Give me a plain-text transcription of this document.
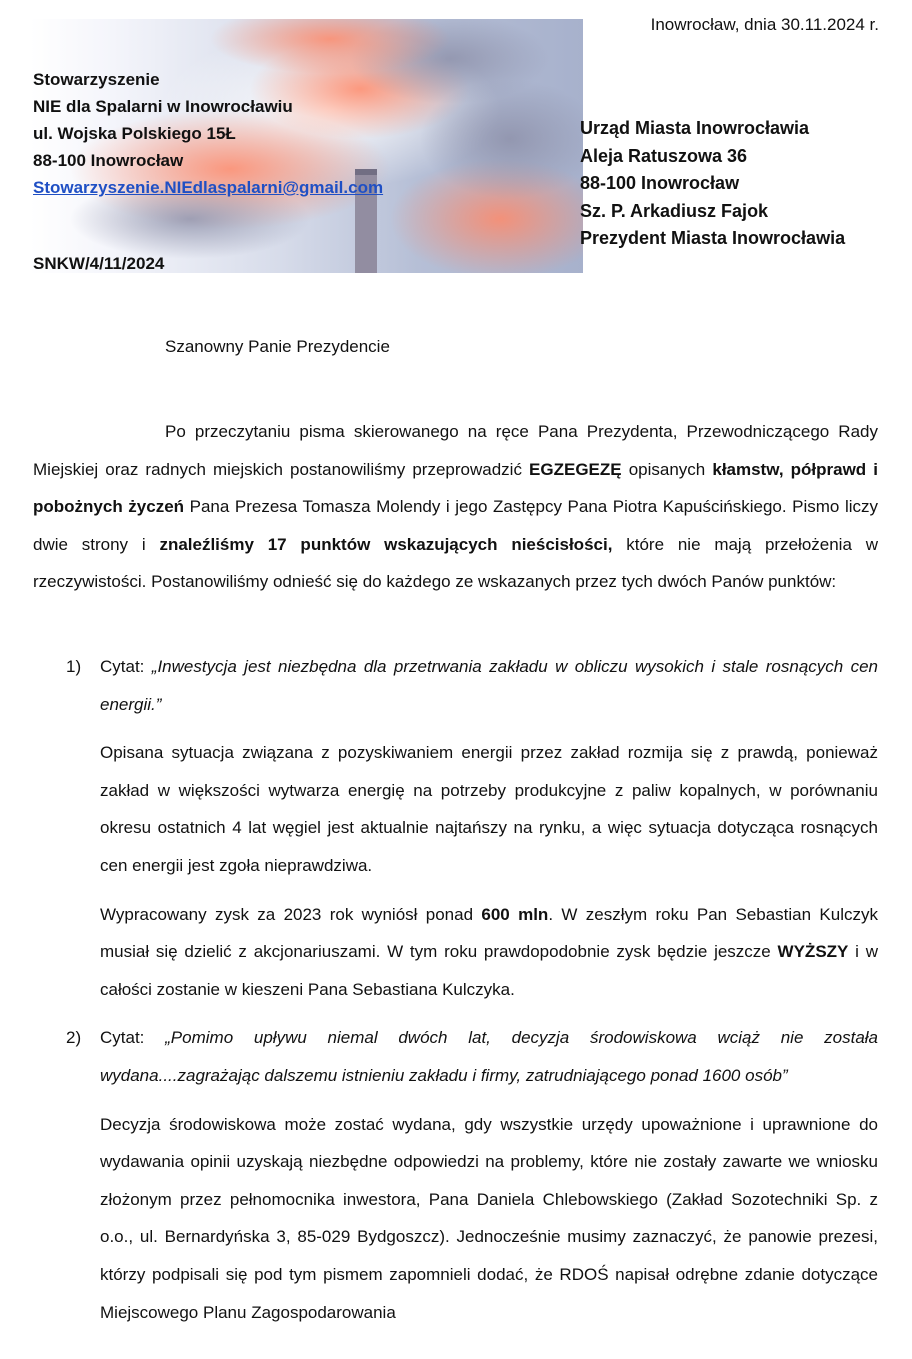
Inowrocław, dnia 30.11.2024 r.
Stowarzyszenie
NIE dla Spalarni w Inowrocławiu
ul. Wojska Polskiego 15Ł
88-100 Inowrocław
Stowarzyszenie.NIEdlaspalarni@gmail.com
Urząd Miasta Inowrocławia
Aleja Ratuszowa 36
88-100 Inowrocław
Sz. P. Arkadiusz Fajok
Prezydent Miasta Inowrocławia
SNKW/4/11/2024
Szanowny Panie Prezydencie

Po przeczytaniu pisma skierowanego na ręce Pana Prezydenta, Przewodniczącego Rady Miejskiej oraz radnych miejskich postanowiliśmy przeprowadzić EGZEGEZĘ opisanych kłamstw, półprawd i pobożnych życzeń Pana Prezesa Tomasza Molendy i jego Zastępcy Pana Piotra Kapuścińskiego. Pismo liczy dwie strony i znaleźliśmy 17 punktów wskazujących nieścisłości, które nie mają przełożenia w rzeczywistości. Postanowiliśmy odnieść się do każdego ze wskazanych przez tych dwóch Panów punktów:

1)	Cytat: „Inwestycja jest niezbędna dla przetrwania zakładu w obliczu wysokich i stale rosnących cen energii.”

Opisana sytuacja związana z pozyskiwaniem energii przez zakład rozmija się z prawdą, ponieważ zakład w większości wytwarza energię na potrzeby produkcyjne z paliw kopalnych, w porównaniu okresu ostatnich 4 lat węgiel jest aktualnie najtańszy na rynku, a więc sytuacja dotycząca rosnących cen energii jest zgoła nieprawdziwa.

Wypracowany zysk za 2023 rok wyniósł ponad 600 mln. W zeszłym roku Pan Sebastian Kulczyk musiał się dzielić z akcjonariuszami. W tym roku prawdopodobnie zysk będzie jeszcze WYŻSZY i w całości zostanie w kieszeni Pana Sebastiana Kulczyka.

2)	Cytat: „Pomimo upływu niemal dwóch lat, decyzja środowiskowa wciąż nie została wydana....zagrażając dalszemu istnieniu zakładu i firmy, zatrudniającego ponad 1600 osób”

Decyzja środowiskowa może zostać wydana, gdy wszystkie urzędy upoważnione i uprawnione do wydawania opinii uzyskają niezbędne odpowiedzi na problemy, które nie zostały zawarte we wniosku złożonym przez pełnomocnika inwestora, Pana Daniela Chlebowskiego (Zakład Sozotechniki Sp. z o.o., ul. Bernardyńska 3, 85-029 Bydgoszcz). Jednocześnie musimy zaznaczyć, że panowie prezesi, którzy podpisali się pod tym pismem zapomnieli dodać, że RDOŚ napisał odrębne zdanie dotyczące Miejscowego Planu Zagospodarowania
